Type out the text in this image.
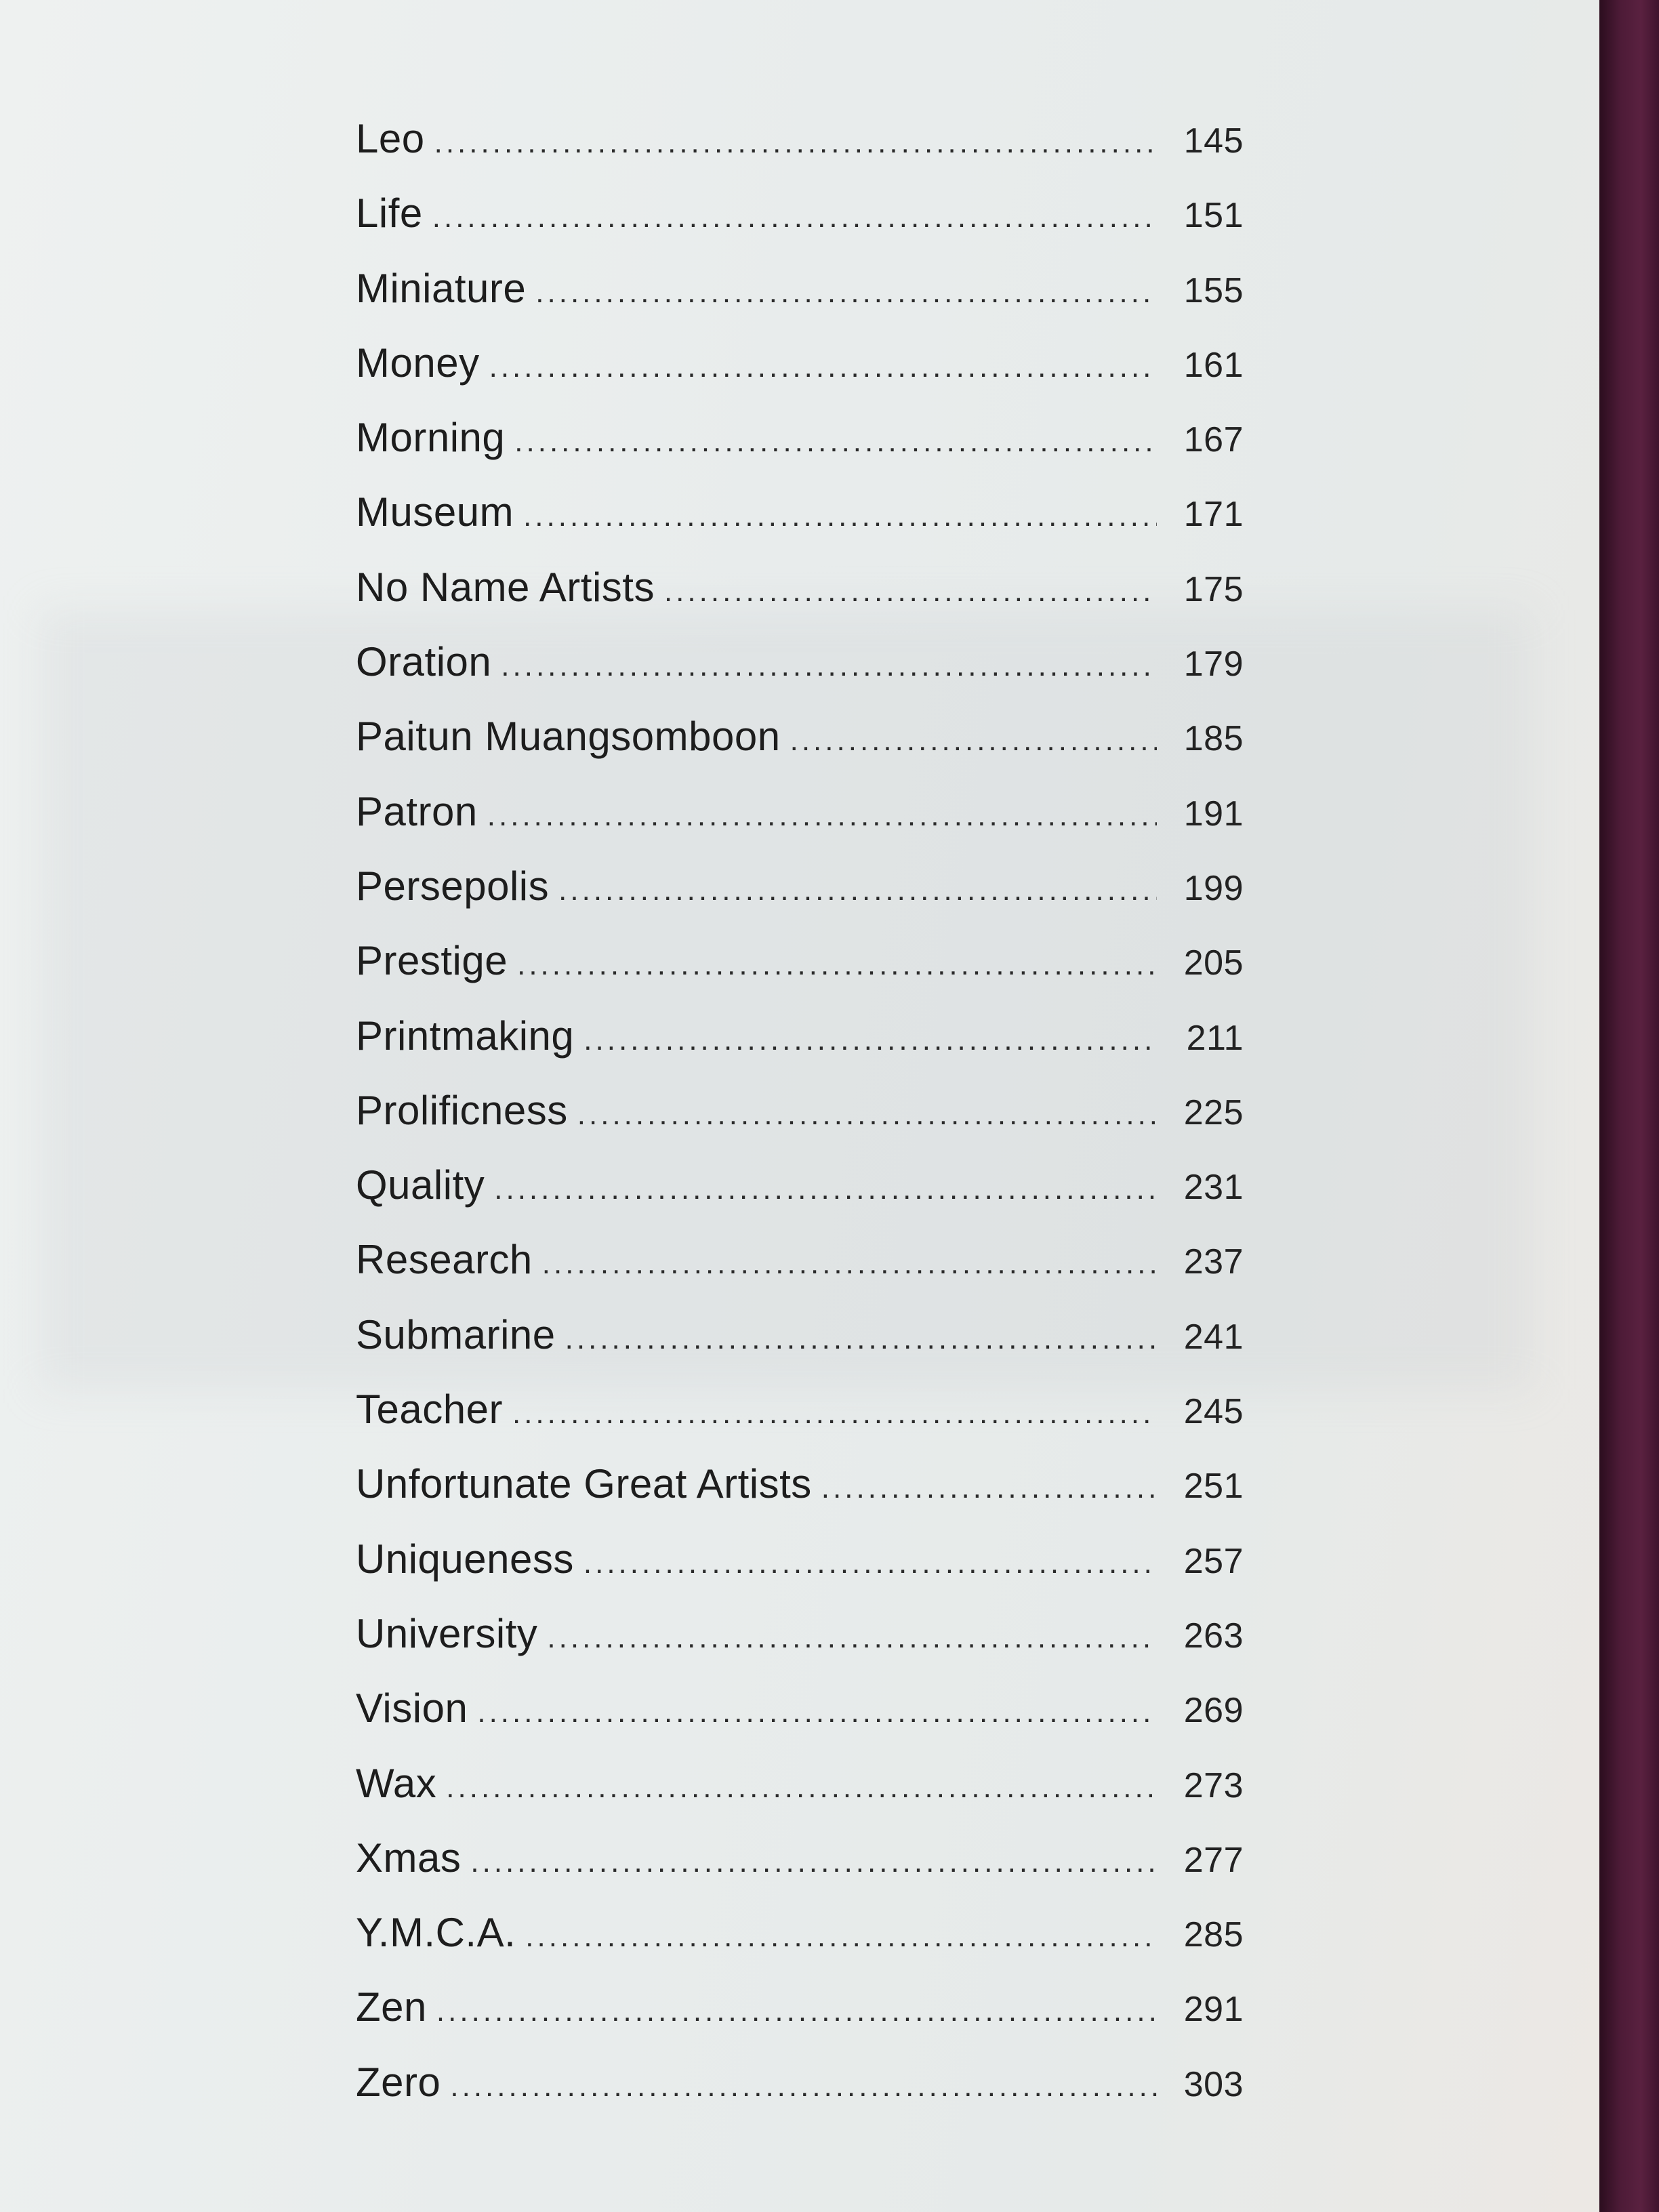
Leo .....	145
Life .....	151
Miniature .....	155
Money .....	161
Morning .....	167
Museum .....	171
No Name Artists .....	175
Oration .....	179
Paitun Muangsomboon .....	185
Patron .....	191
Persepolis .....	199
Prestige .....	205
Printmaking .....	211
Prolificness .....	225
Quality .....	231
Research .....	237
Submarine .....	241
Teacher .....	245
Unfortunate Great Artists .....	251
Uniqueness .....	257
University .....	263
Vision .....	269
Wax .....	273
Xmas .....	277
Y.M.C.A. .....	285
Zen .....	291
Zero .....	303
